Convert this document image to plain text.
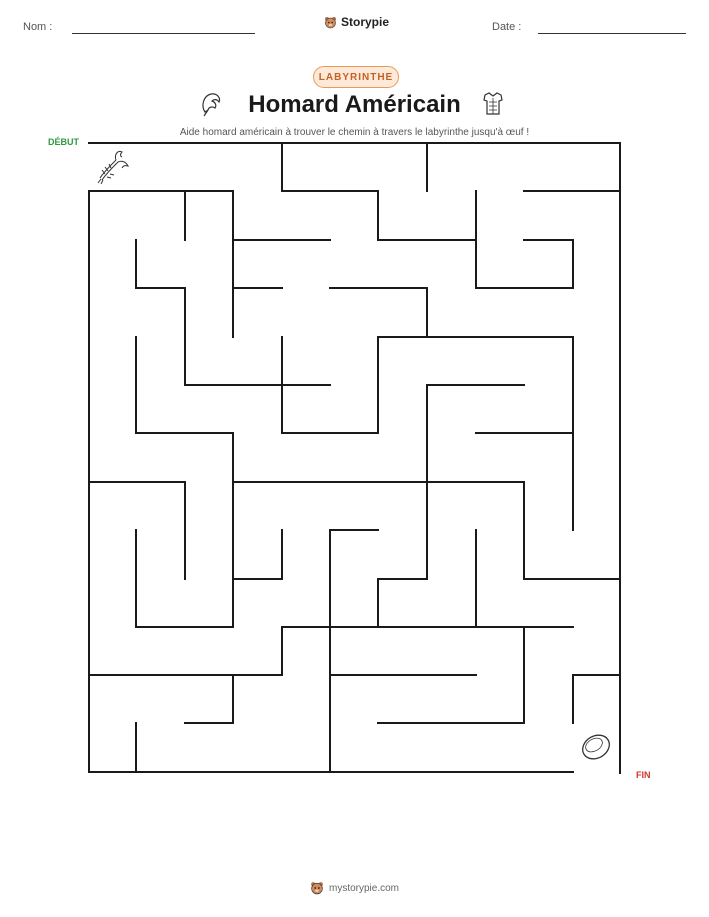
Nom :	Storypie	Date :
LABYRINTHE
Homard Américain
Aide homard américain à trouver le chemin à travers le labyrinthe jusqu'à œuf !
DÉBUT
FIN
mystorypie.com
